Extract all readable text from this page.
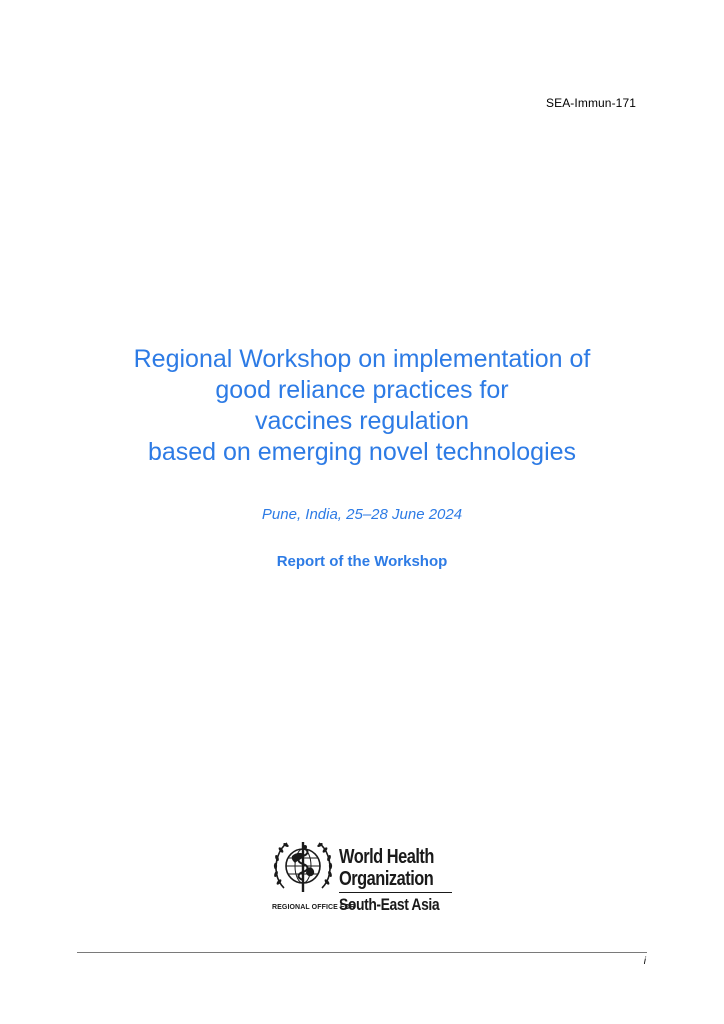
SEA-Immun-171
Regional Workshop on implementation of
good reliance practices for
vaccines regulation
based on emerging novel technologies
Pune, India, 25–28 June 2024
Report of the Workshop
World Health
Organization
REGIONAL OFFICE FOR
South-East Asia
i
